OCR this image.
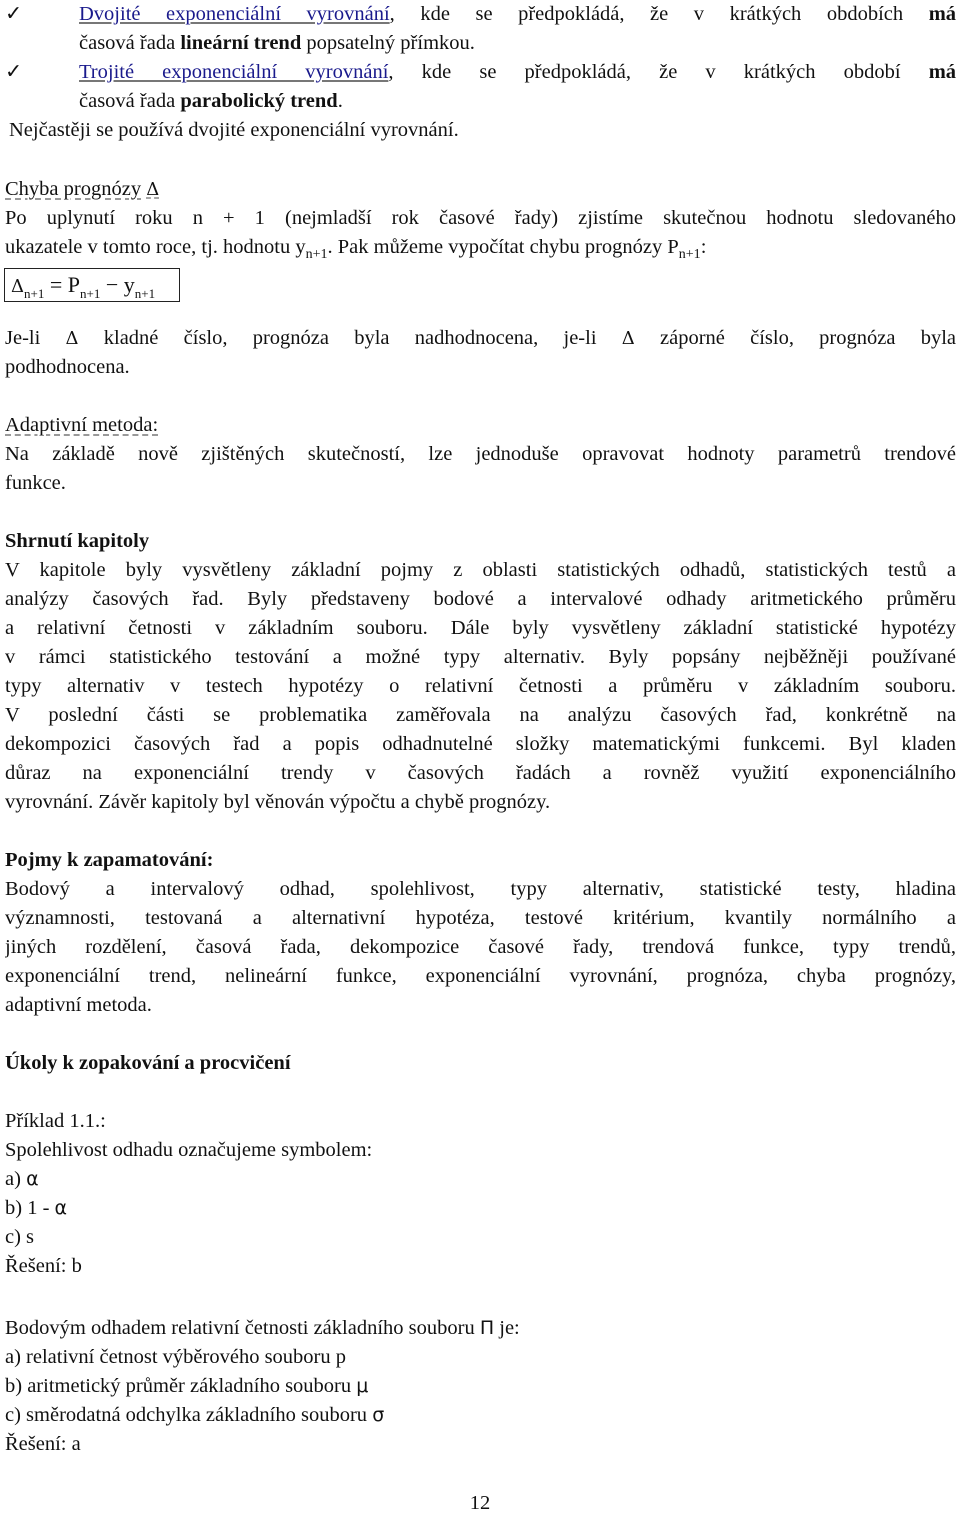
✓	Dvojité exponenciální vyrovnání, kde se předpokládá, že v krátkých obdobích má
časová řada lineární trend popsatelný přímkou.
✓	Trojité exponenciální vyrovnání, kde se předpokládá, že v krátkých období má
časová řada parabolický trend.
Nejčastěji se používá dvojité exponenciální vyrovnání.
Chyba prognózy Δ
Po uplynutí roku n + 1 (nejmladší rok časové řady) zjistíme skutečnou hodnotu sledovaného
ukazatele v tomto roce, tj. hodnotu $y_{n+1}$. Pak můžeme vypočítat chybu prognózy $P_{n+1}$:
$\Delta_{n+1} = P_{n+1} - y_{n+1}$
Je-li Δ kladné číslo, prognóza byla nadhodnocena, je-li Δ záporné číslo, prognóza byla
podhodnocena.
Adaptivní metoda:
Na základě nově zjištěných skutečností, lze jednoduše opravovat hodnoty parametrů trendové
funkce.
Shrnutí kapitoly
V kapitole byly vysvětleny základní pojmy z oblasti statistických odhadů, statistických testů a
analýzy časových řad. Byly představeny bodové a intervalové odhady aritmetického průměru
a relativní četnosti v základním souboru. Dále byly vysvětleny základní statistické hypotézy
v rámci statistického testování a možné typy alternativ. Byly popsány nejběžněji používané
typy alternativ v testech hypotézy o relativní četnosti a průměru v základním souboru.
V poslední části se problematika zaměřovala na analýzu časových řad, konkrétně na
dekompozici časových řad a popis odhadnutelné složky matematickými funkcemi. Byl kladen
důraz na exponenciální trendy v časových řadách a rovněž využití exponenciálního
vyrovnání. Závěr kapitoly byl věnován výpočtu a chybě prognózy.
Pojmy k zapamatování:
Bodový a intervalový odhad, spolehlivost, typy alternativ, statistické testy, hladina
významnosti, testovaná a alternativní hypotéza, testové kritérium, kvantily normálního a
jiných rozdělení, časová řada, dekompozice časové řady, trendová funkce, typy trendů,
exponenciální trend, nelineární funkce, exponenciální vyrovnání, prognóza, chyba prognózy,
adaptivní metoda.
Úkoly k zopakování a procvičení
Příklad 1.1.:
Spolehlivost odhadu označujeme symbolem:
a) α
b) 1 - α
c) s
Řešení: b
Bodovým odhadem relativní četnosti základního souboru Π je:
a) relativní četnost výběrového souboru p
b) aritmetický průměr základního souboru μ
c) směrodatná odchylka základního souboru σ
Řešení: a
12
